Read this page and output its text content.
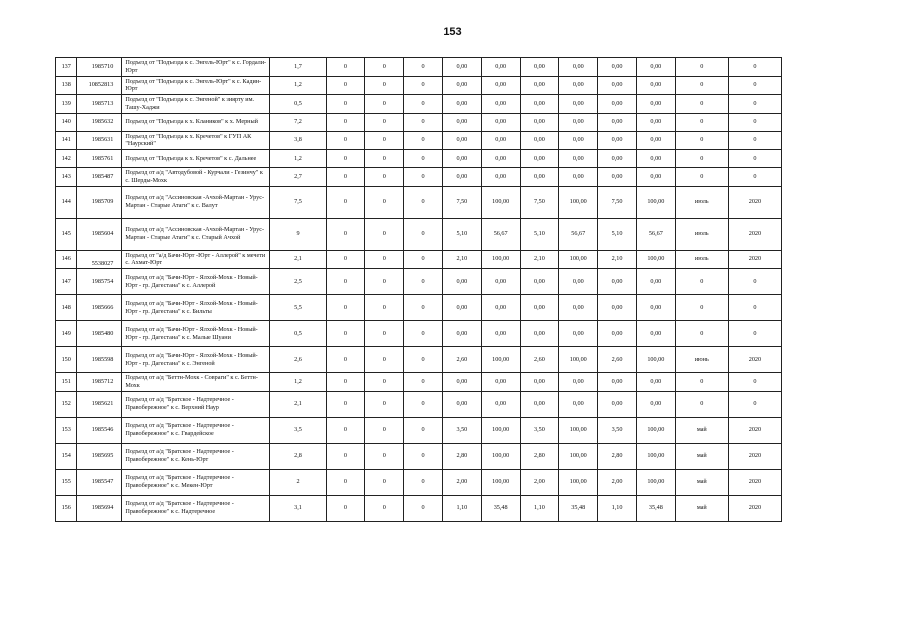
153
137	1985710	Подъезд от "Подъезда к с. Энгель-Юрт" к с. Гордали-Юрт	1,7	0	0	0	0,00	0,00	0,00	0,00	0,00	0,00	0	0
138	10852813	Подъезд от "Подъезда к с. Энгель-Юрт" к с. Кадин-Юрт	1,2	0	0	0	0,00	0,00	0,00	0,00	0,00	0,00	0	0
139	1985713	Подъезд от "Подъезда к с. Энгеной" к зиярту им. Ташу-Хаджи	0,5	0	0	0	0,00	0,00	0,00	0,00	0,00	0,00	0	0
140	1985632	Подъезд от "Подъезда к х. Клаников" к х. Мерный	7,2	0	0	0	0,00	0,00	0,00	0,00	0,00	0,00	0	0
141	1985631	Подъезд от "Подъезда к х. Кречетов" к ГУП АК "Наурский"	3,8	0	0	0	0,00	0,00	0,00	0,00	0,00	0,00	0	0
142	1985761	Подъезд от "Подъезда к х. Кречетов" к с. Дальнее	1,2	0	0	0	0,00	0,00	0,00	0,00	0,00	0,00	0	0
143	1985487	Подъезд от а/д "Автодубовой - Курчали - Гезинчу" к с. Шерды-Мохк	2,7	0	0	0	0,00	0,00	0,00	0,00	0,00	0,00	0	0
144	1985709	Подъезд от а/д "Ассиновская -Ачхой-Мартан - Урус-Мартан - Старые Атаги" к с. Валут	7,5	0	0	0	7,50	100,00	7,50	100,00	7,50	100,00	июль	2020
145	1985604	Подъезд от а/д "Ассиновская -Ачхой-Мартан - Урус-Мартан - Старые Атаги" к с. Старый Ачхой	9	0	0	0	5,10	56,67	5,10	56,67	5,10	56,67	июль	2020
146	5538027	Подъезд от "а/д Бачи-Юрт -Юрт - Аллерой" к мечети с. Ахмат-Юрт	2,1	0	0	0	2,10	100,00	2,10	100,00	2,10	100,00	июль	2020
147	1985754	Подъезд от а/д "Бачи-Юрт - Ялхой-Мохк - Новый-Юрт - гр. Дагестана" к с. Аллерой	2,5	0	0	0	0,00	0,00	0,00	0,00	0,00	0,00	0	0
148	1985666	Подъезд от а/д "Бачи-Юрт - Ялхой-Мохк - Новый-Юрт - гр. Дагестана" к с. Бильты	5,5	0	0	0	0,00	0,00	0,00	0,00	0,00	0,00	0	0
149	1985480	Подъезд от а/д "Бачи-Юрт - Ялхой-Мохк - Новый-Юрт - гр. Дагестана" к с. Малые Шуани	0,5	0	0	0	0,00	0,00	0,00	0,00	0,00	0,00	0	0
150	1985598	Подъезд от а/д "Бачи-Юрт - Ялхой-Мохк - Новый-Юрт - гр. Дагестана" к с. Энгеной	2,6	0	0	0	2,60	100,00	2,60	100,00	2,60	100,00	июнь	2020
151	1985712	Подъезд от а/д "Беттн-Мохк - Совраги" к с. Беттн-Мохк	1,2	0	0	0	0,00	0,00	0,00	0,00	0,00	0,00	0	0
152	1985621	Подъезд от а/д "Братское - Надтеречное - Правобережное" к с. Верхний Наур	2,1	0	0	0	0,00	0,00	0,00	0,00	0,00	0,00	0	0
153	1985546	Подъезд от а/д "Братское - Надтеречное - Правобережное" к с. Гвардейское	3,5	0	0	0	3,50	100,00	3,50	100,00	3,50	100,00	май	2020
154	1985695	Подъезд от а/д "Братское - Надтеречное - Правобережное" к с. Кень-Юрт	2,8	0	0	0	2,80	100,00	2,80	100,00	2,80	100,00	май	2020
155	1985547	Подъезд от а/д "Братское - Надтеречное - Правобережное" к с. Мекен-Юрт	2	0	0	0	2,00	100,00	2,00	100,00	2,00	100,00	май	2020
156	1985694	Подъезд от а/д "Братское - Надтеречное - Правобережное" к с. Надтеречное	3,1	0	0	0	1,10	35,48	1,10	35,48	1,10	35,48	май	2020
